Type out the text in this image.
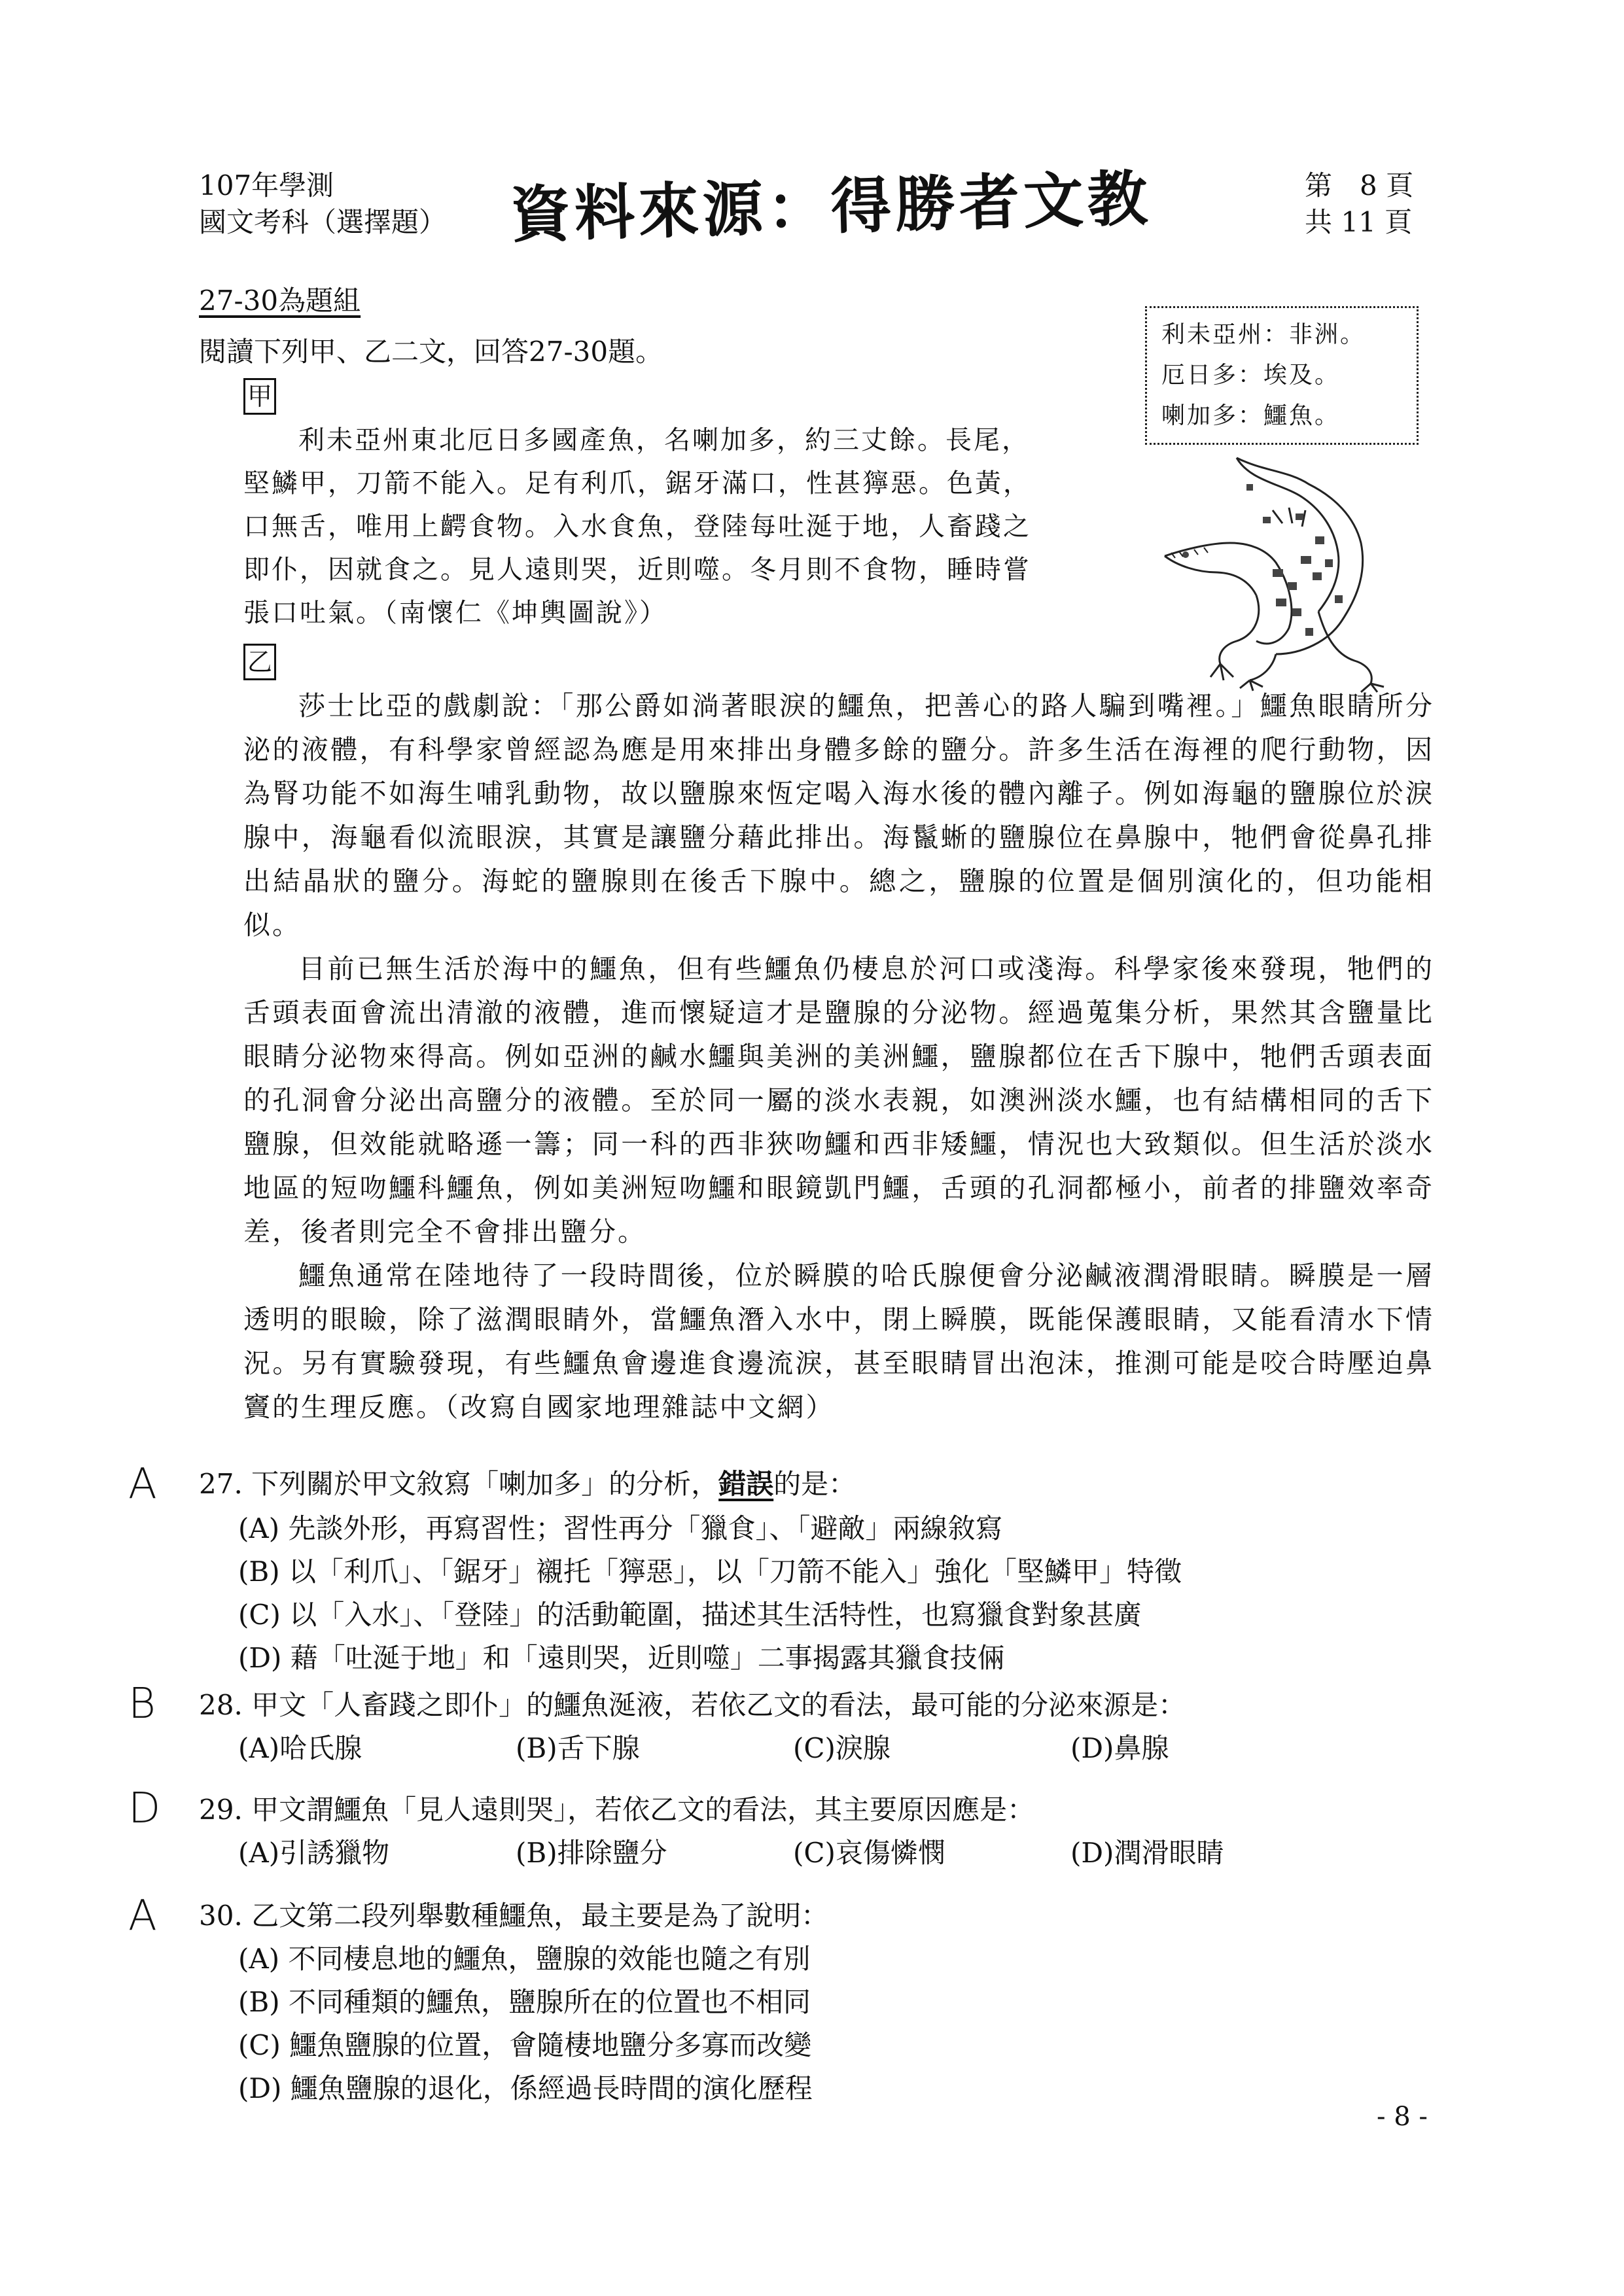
107年學測
國文考科（選擇題） 資料來源：得勝者文教	第　8 頁
共 11 頁
27-30為題組
閱讀下列甲、乙二文，回答27-30題。
利未亞州：非洲。
厄日多：埃及。
喇加多：鱷魚。
甲
利未亞州東北厄日多國產魚，名喇加多，約三丈餘。長尾，
堅鱗甲，刀箭不能入。足有利爪，鋸牙滿口，性甚獰惡。色黃，
口無舌，唯用上齶食物。入水食魚，登陸每吐涎于地，人畜踐之
即仆，因就食之。見人遠則哭，近則噬。冬月則不食物，睡時嘗
張口吐氣。（南懷仁《坤輿圖說》）
乙

莎士比亞的戲劇說：「那公爵如淌著眼淚的鱷魚，把善心的路人騙到嘴裡。」鱷魚眼睛所分泌的液體，有科學家曾經認為應是用來排出身體多餘的鹽分。許多生活在海裡的爬行動物，因為腎功能不如海生哺乳動物，故以鹽腺來恆定喝入海水後的體內離子。例如海龜的鹽腺位於淚腺中，海龜看似流眼淚，其實是讓鹽分藉此排出。海鬣蜥的鹽腺位在鼻腺中，牠們會從鼻孔排出結晶狀的鹽分。海蛇的鹽腺則在後舌下腺中。總之，鹽腺的位置是個別演化的，但功能相似。

目前已無生活於海中的鱷魚，但有些鱷魚仍棲息於河口或淺海。科學家後來發現，牠們的舌頭表面會流出清澈的液體，進而懷疑這才是鹽腺的分泌物。經過蒐集分析，果然其含鹽量比眼睛分泌物來得高。例如亞洲的鹹水鱷與美洲的美洲鱷，鹽腺都位在舌下腺中，牠們舌頭表面的孔洞會分泌出高鹽分的液體。至於同一屬的淡水表親，如澳洲淡水鱷，也有結構相同的舌下鹽腺，但效能就略遜一籌；同一科的西非狹吻鱷和西非矮鱷，情況也大致類似。但生活於淡水地區的短吻鱷科鱷魚，例如美洲短吻鱷和眼鏡凱門鱷，舌頭的孔洞都極小，前者的排鹽效率奇差，後者則完全不會排出鹽分。

鱷魚通常在陸地待了一段時間後，位於瞬膜的哈氏腺便會分泌鹹液潤滑眼睛。瞬膜是一層透明的眼瞼，除了滋潤眼睛外，當鱷魚潛入水中，閉上瞬膜，既能保護眼睛，又能看清水下情況。另有實驗發現，有些鱷魚會邊進食邊流淚，甚至眼睛冒出泡沫，推測可能是咬合時壓迫鼻竇的生理反應。（改寫自國家地理雜誌中文網）

A 27. 下列關於甲文敘寫「喇加多」的分析，錯誤的是：
(A) 先談外形，再寫習性；習性再分「獵食」、「避敵」兩線敘寫
(B) 以「利爪」、「鋸牙」襯托「獰惡」，以「刀箭不能入」強化「堅鱗甲」特徵
(C) 以「入水」、「登陸」的活動範圍，描述其生活特性，也寫獵食對象甚廣
(D) 藉「吐涎于地」和「遠則哭，近則噬」二事揭露其獵食技倆
B 28. 甲文「人畜踐之即仆」的鱷魚涎液，若依乙文的看法，最可能的分泌來源是：
(A)哈氏腺	(B)舌下腺	(C)淚腺	(D)鼻腺
D 29. 甲文謂鱷魚「見人遠則哭」，若依乙文的看法，其主要原因應是：
(A)引誘獵物	(B)排除鹽分	(C)哀傷憐憫	(D)潤滑眼睛
A 30. 乙文第二段列舉數種鱷魚，最主要是為了說明：
(A) 不同棲息地的鱷魚，鹽腺的效能也隨之有別
(B) 不同種類的鱷魚，鹽腺所在的位置也不相同
(C) 鱷魚鹽腺的位置，會隨棲地鹽分多寡而改變
(D) 鱷魚鹽腺的退化，係經過長時間的演化歷程
- 8 -
